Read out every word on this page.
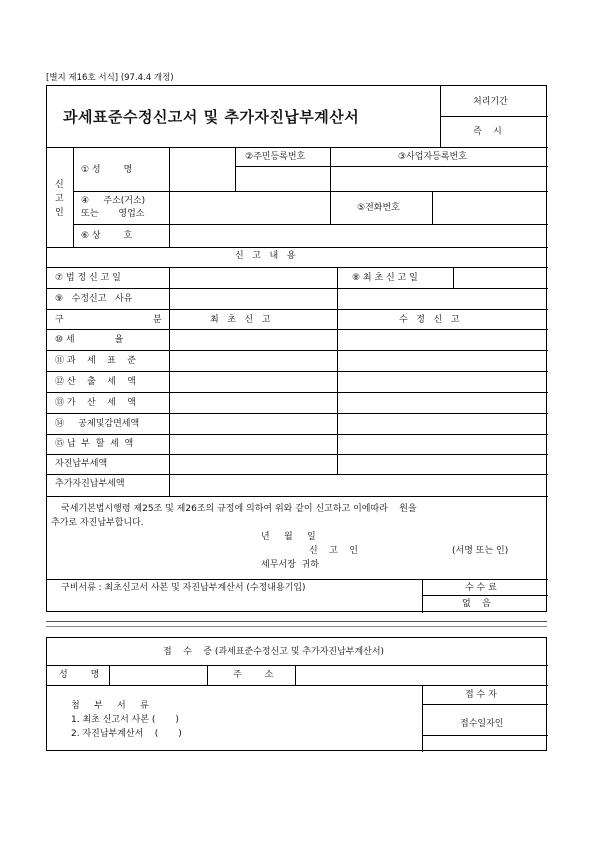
[별지 제16호 서식] (97.4.4 개정)
과세표준수정신고서 및 추가자진납부계산서
처리기간
즉    시
신
고
인
① 성        명
②주민등록번호	③사업자등록번호
④     주소(거소)
또는       영업소
⑤전화번호
⑥ 상        호
신   고   내   용
⑦ 법 정 신 고 일	⑧ 최 초 신 고 일
⑨   수정신고   사유
구	분	최   초   신   고	수   정   신   고
⑩ 세              율
⑪ 과    세    표    준
⑫ 산    출    세    액
⑬ 가    산    세    액
⑭     공제및감면세액
⑮ 납  부  할  세  액
자진납부세액
추가자진납부세액
국세기본법시행령 제25조 및 제26조의 규정에 의하여 위와 같이 신고하고 이에따라    원을
추가로 자진납부합니다.
년     월     일
신    고    인	(서명 또는 인)
세무서장  귀하
구비서류 : 최초신고서 사본 및 자진납부계산서 (수정내용기입)	수 수 료
없    음
접    수    증 (과세표준수정신고 및 추가자진납부계산서)
성        명	주        소
접 수 자
접수일자인
첨     부     서     류
1. 최초 신고서 사본 (       )
2. 자진납부계산서    (       )
